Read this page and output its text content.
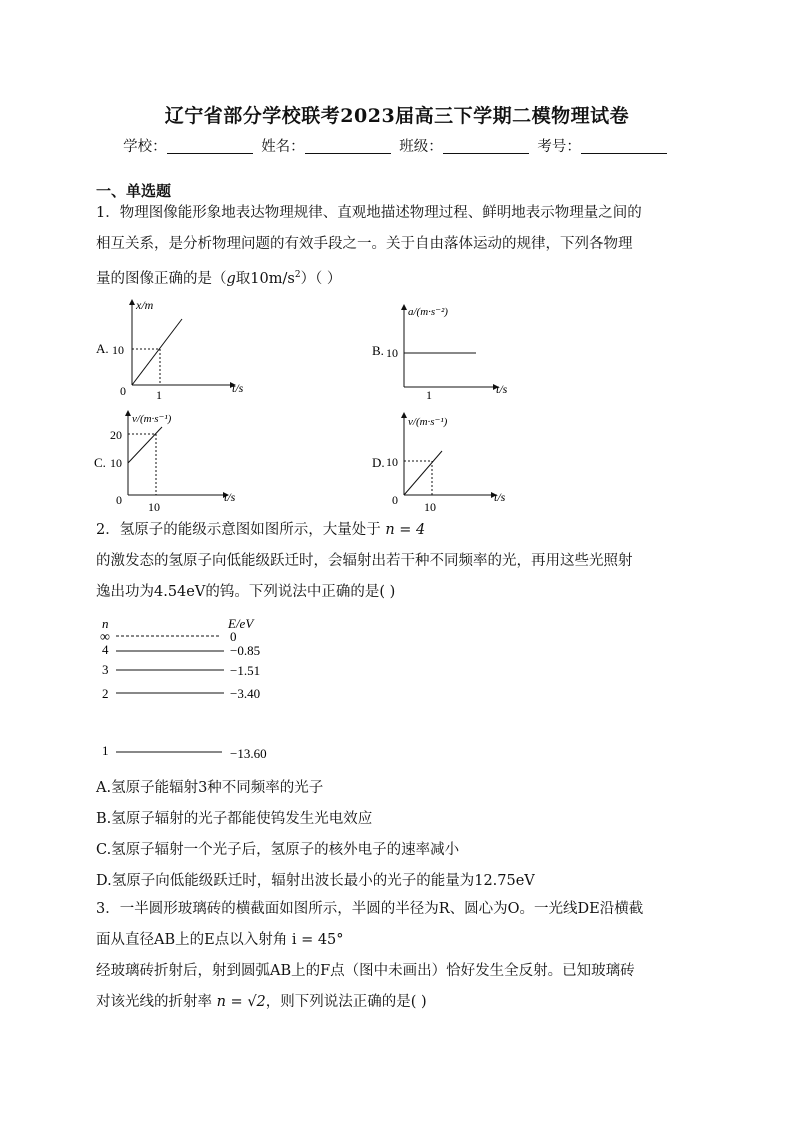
辽宁省部分学校联考2023届高三下学期二模物理试卷
学校：	姓名：	班级：	考号：
一、单选题
1．物理图像能形象地表达物理规律、直观地描述物理过程、鲜明地表示物理量之间的
相互关系，是分析物理问题的有效手段之一。关于自由落体运动的规律，下列各物理
量的图像正确的是（g取$10m/s^2$）（ ）
A.
x/m
t/s
0
10
1
B.
a/(m·s⁻²)
t/s
10
1
C.
v/(m·s⁻¹)
t/s
0
20
10
10
D.
v/(m·s⁻¹)
t/s
0
10
10
2．氢原子的能级示意图如图所示，大量处于 n = 4
的激发态的氢原子向低能级跃迁时，会辐射出若干种不同频率的光，再用这些光照射
逸出功为4.54eV的钨。下列说法中正确的是( )
n	E/eV
∞	0
4	−0.85
3	−1.51
2	−3.40
1	−13.60
A.氢原子能辐射3种不同频率的光子
B.氢原子辐射的光子都能使钨发生光电效应
C.氢原子辐射一个光子后，氢原子的核外电子的速率减小
D.氢原子向低能级跃迁时，辐射出波长最小的光子的能量为12.75eV
3．一半圆形玻璃砖的横截面如图所示，半圆的半径为R、圆心为O。一光线DE沿横截
面从直径AB上的E点以入射角 i = 45°
经玻璃砖折射后，射到圆弧AB上的F点（图中未画出）恰好发生全反射。已知玻璃砖
对该光线的折射率 n = √2，则下列说法正确的是( )
